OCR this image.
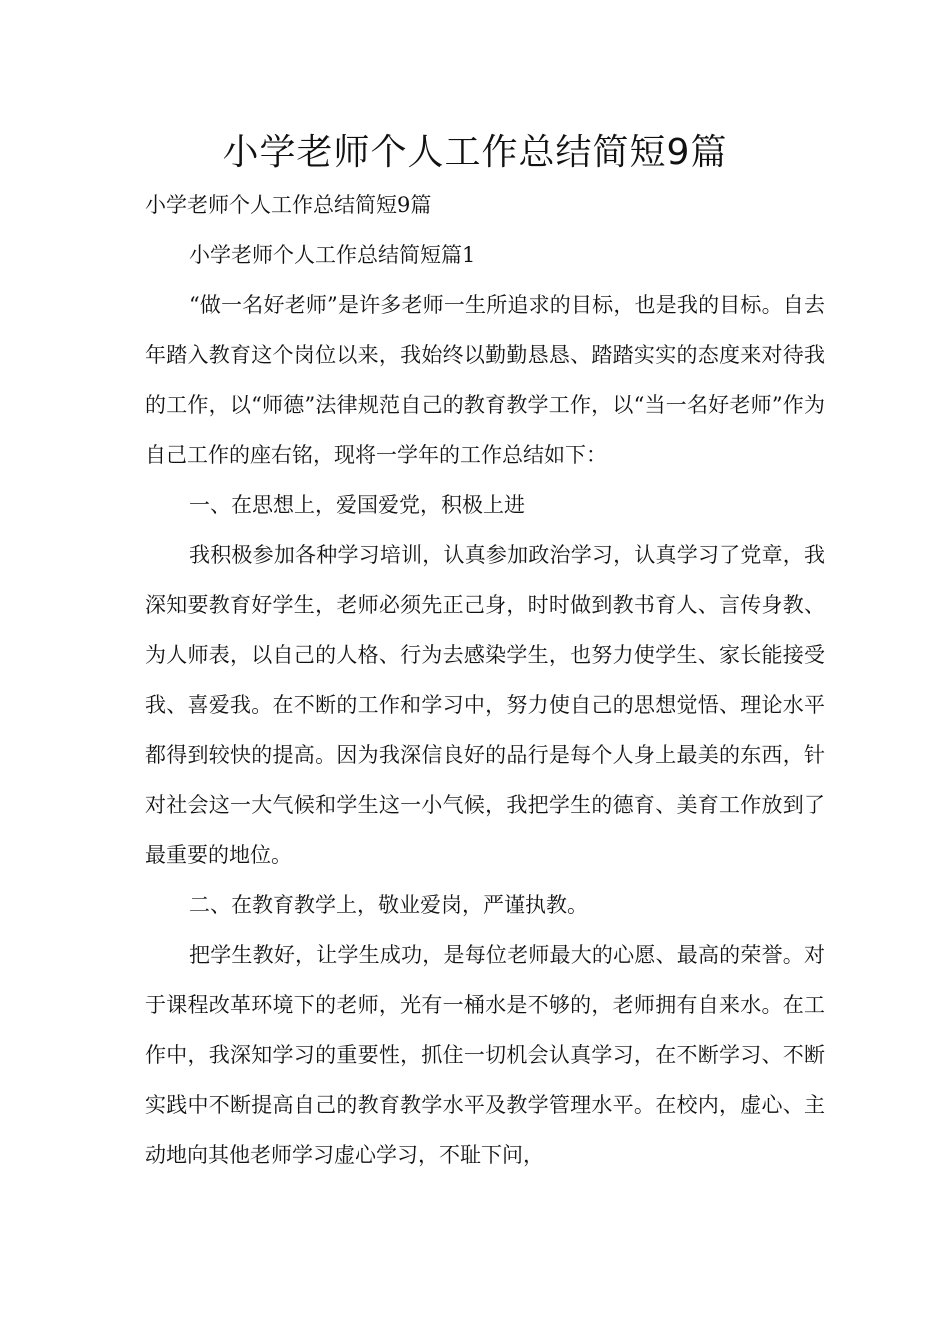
小学老师个人工作总结简短9篇

小学老师个人工作总结简短9篇

小学老师个人工作总结简短篇1

“做一名好老师”是许多老师一生所追求的目标，也是我的目标。自去年踏入教育这个岗位以来，我始终以勤勤恳恳、踏踏实实的态度来对待我的工作，以“师德”法律规范自己的教育教学工作，以“当一名好老师”作为自己工作的座右铭，现将一学年的工作总结如下：

一、在思想上，爱国爱党，积极上进

我积极参加各种学习培训，认真参加政治学习，认真学习了党章，我深知要教育好学生，老师必须先正己身，时时做到教书育人、言传身教、为人师表，以自己的人格、行为去感染学生，也努力使学生、家长能接受我、喜爱我。在不断的工作和学习中，努力使自己的思想觉悟、理论水平都得到较快的提高。因为我深信良好的品行是每个人身上最美的东西，针对社会这一大气候和学生这一小气候，我把学生的德育、美育工作放到了最重要的地位。

二、在教育教学上，敬业爱岗，严谨执教。

把学生教好，让学生成功，是每位老师最大的心愿、最高的荣誉。对于课程改革环境下的老师，光有一桶水是不够的，老师拥有自来水。在工作中，我深知学习的重要性，抓住一切机会认真学习，在不断学习、不断实践中不断提高自己的教育教学水平及教学管理水平。在校内，虚心、主动地向其他老师学习虚心学习，不耻下问，
